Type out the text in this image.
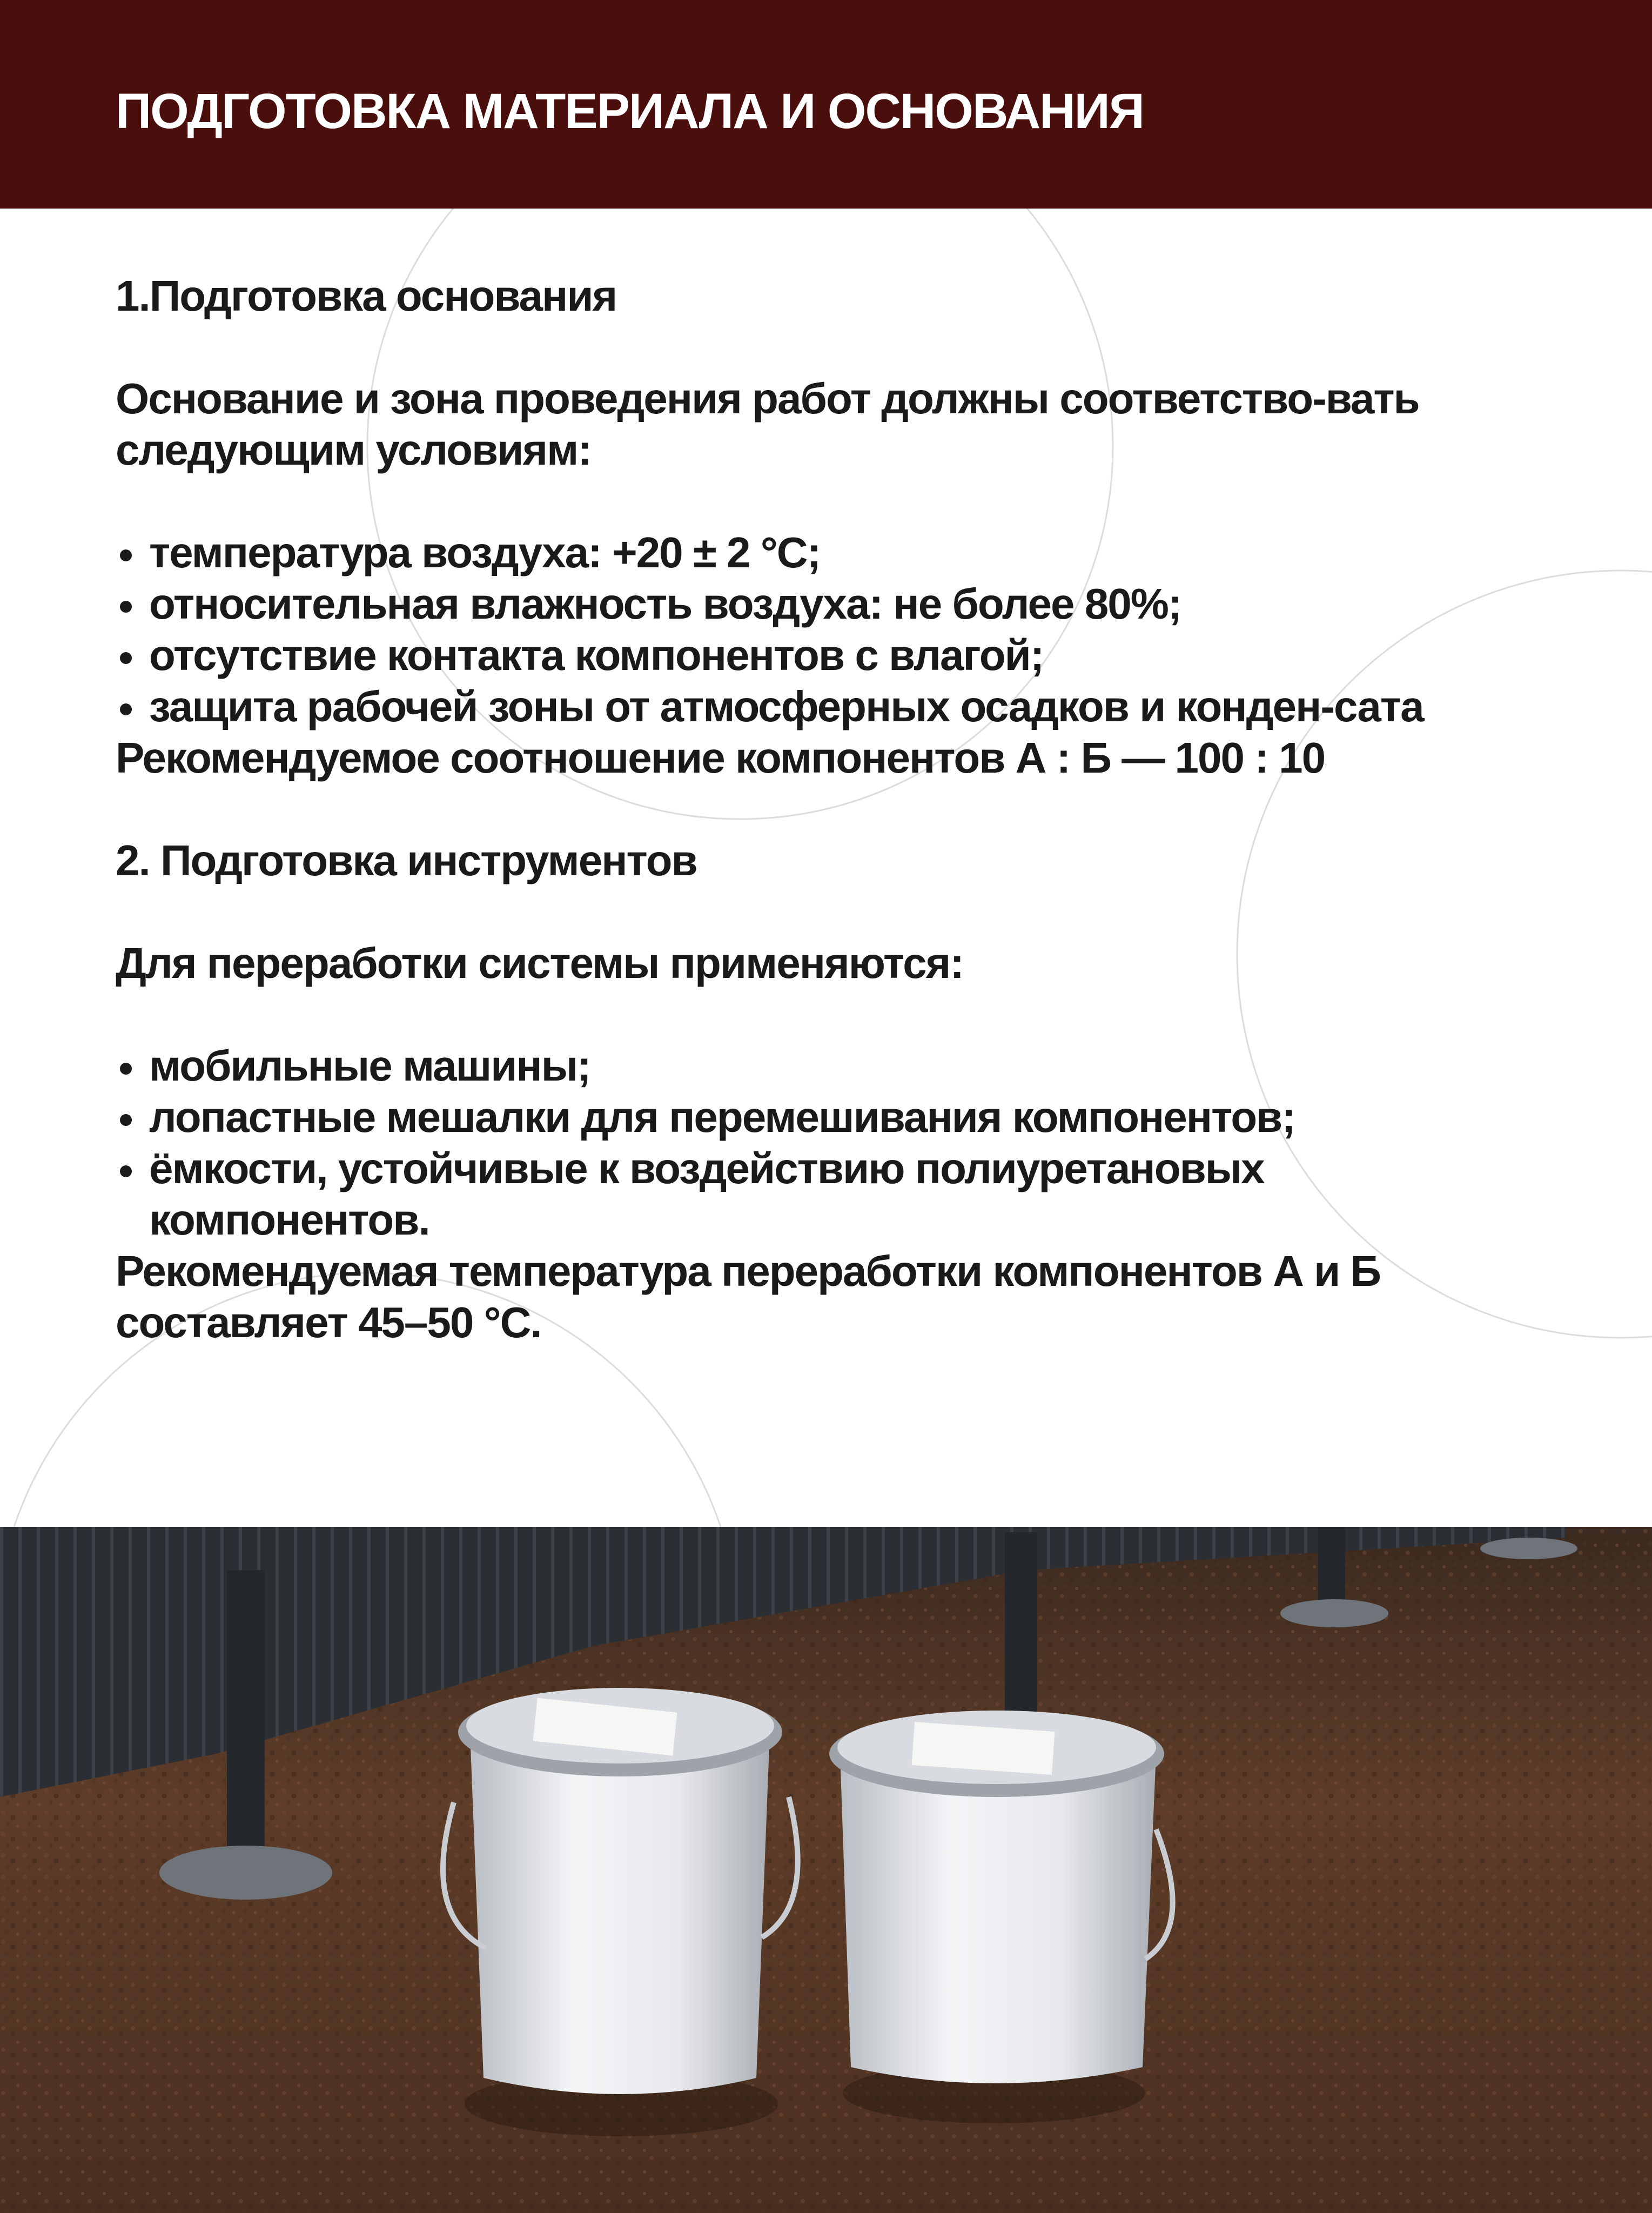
ПОДГОТОВКА МАТЕРИАЛА И ОСНОВАНИЯ

1.Подготовка основания

Основание и зона проведения работ должны соответство-вать следующим условиям:

температура воздуха: +20 ± 2 °С;
относительная влажность воздуха: не более 80%;
отсутствие контакта компонентов с влагой;
защита рабочей зоны от атмосферных осадков и конден-сата

Рекомендуемое соотношение компонентов А : Б — 100 : 10

2. Подготовка инструментов

Для переработки системы применяются:

мобильные машины;
лопастные мешалки для перемешивания компонентов;
ёмкости, устойчивые к воздействию полиуретановых компонентов.

Рекомендуемая температура переработки компонентов А и Б составляет 45–50 °С.
